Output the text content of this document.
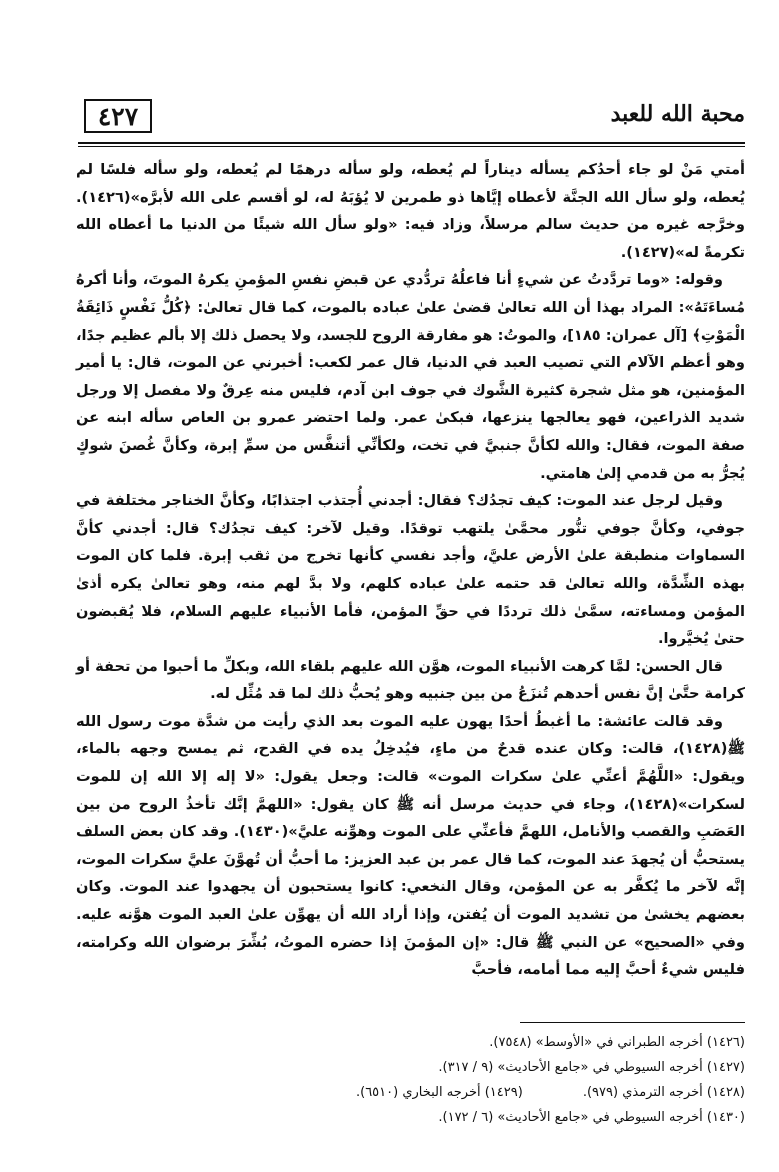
٤٢٧	محبة الله للعبد

أمتي مَنْ لو جاء أحدُكم يسأله ديناراً لم يُعطه، ولو سأله درهمًا لم يُعطه، ولو سأله فلسًا لم يُعطه، ولو سأل الله الجنَّة لأعطاه إيَّاها ذو طمرين لا يُؤبَهُ له، لو أقسم على الله لأبرَّه»(١٤٢٦). وخرَّجه غيره من حديث سالم مرسلاً، وزاد فيه: «ولو سأل الله شيئًا من الدنيا ما أعطاه الله تكرمةً له»(١٤٢٧).

وقوله: «وما تردَّدتُ عن شيءٍ أنا فاعلُهُ تردُّدي عن قبضِ نفسِ المؤمنِ يكرهُ الموتَ، وأنا أكرهُ مُساءَتَهُ»: المراد بهذا أن الله تعالىٰ قضىٰ علىٰ عباده بالموت، كما قال تعالىٰ: ﴿كُلُّ نَفْسٍ ذَائِقَةُ الْمَوْتِ﴾ [آل عمران: ١٨٥]، والموتُ: هو مفارقة الروح للجسد، ولا يحصل ذلك إلا بألم عظيم جدًا، وهو أعظم الآلام التي تصيب العبد في الدنيا، قال عمر لكعب: أخبرني عن الموت، قال: يا أمير المؤمنين، هو مثل شجرة كثيرة الشَّوك في جوف ابن آدم، فليس منه عِرقٌ ولا مفصل إلا ورجل شديد الذراعين، فهو يعالجها ينزعها، فبكىٰ عمر. ولما احتضر عمرو بن العاص سأله ابنه عن صفة الموت، فقال: والله لكأنَّ جنبيَّ في تخت، ولكأنِّي أتنفَّس من سمِّ إبرة، وكأنَّ غُصنَ شوكٍ يُجرُّ به من قدمي إلىٰ هامتي.

وقيل لرجل عند الموت: كيف تجدُك؟ فقال: أجدني أُجتذب اجتذابًا، وكأنَّ الخناجر مختلفة في جوفي، وكأنَّ جوفي تنُّور محمَّىٰ يلتهب توقدًا. وقيل لآخر: كيف تجدُك؟ قال: أجدني كأنَّ السماوات منطبقة علىٰ الأرض عليَّ، وأجد نفسي كأنها تخرج من ثقب إبرة. فلما كان الموت بهذه الشِّدَّة، والله تعالىٰ قد حتمه علىٰ عباده كلهم، ولا بدَّ لهم منه، وهو تعالىٰ يكره أذىٰ المؤمن ومساءته، سمَّىٰ ذلك ترددًا في حقِّ المؤمن، فأما الأنبياء عليهم السلام، فلا يُقبضون حتىٰ يُخيَّروا.

قال الحسن: لمَّا كرهت الأنبياء الموت، هوَّن الله عليهم بلقاء الله، وبكلِّ ما أحبوا من تحفة أو كرامة حتَّىٰ إنَّ نفس أحدهم تُنزَعُ من بين جنبيه وهو يُحبُّ ذلك لما قد مُثِّل له.

وقد قالت عائشة: ما أغبطُ أحدًا يهون عليه الموت بعد الذي رأيت من شدَّة موت رسول الله ﷺ(١٤٢٨)، قالت: وكان عنده قدحٌ من ماءٍ، فيُدخِلُ يده في القدح، ثم يمسح وجهه بالماء، ويقول: «اللَّهُمَّ أعنِّي علىٰ سكرات الموت» قالت: وجعل يقول: «لا إله إلا الله إن للموت لسكرات»(١٤٢٨)، وجاء في حديث مرسل أنه ﷺ كان يقول: «اللهمَّ إنَّك تأخذُ الروح من بين العَصَبِ والقصب والأنامل، اللهمَّ فأعنِّي على الموت وهوِّنه عليَّ»(١٤٣٠). وقد كان بعض السلف يستحبُّ أن يُجهدَ عند الموت، كما قال عمر بن عبد العزيز: ما أحبُّ أن تُهوَّنَ عليَّ سكرات الموت، إنَّه لآخر ما يُكفَّر به عن المؤمن، وقال النخعي: كانوا يستحبون أن يجهدوا عند الموت. وكان بعضهم يخشىٰ من تشديد الموت أن يُفتن، وإذا أراد الله أن يهوِّن علىٰ العبد الموت هوَّنه عليه. وفي «الصحيح» عن النبي ﷺ قال: «إن المؤمنَ إذا حضره الموتُ، بُشِّرَ برضوان الله وكرامته، فليس شيءٌ أحبَّ إليه مما أمامه، فأحبَّ

(١٤٢٦) أخرجه الطبراني في «الأوسط» (٧٥٤٨).
(١٤٢٧) أخرجه السيوطي في «جامع الأحاديث» (٩ / ٣١٧).
(١٤٢٨) أخرجه الترمذي (٩٧٩).
(١٤٢٩) أخرجه البخاري (٦٥١٠).
(١٤٣٠) أخرجه السيوطي في «جامع الأحاديث» (٦ / ١٧٢).
